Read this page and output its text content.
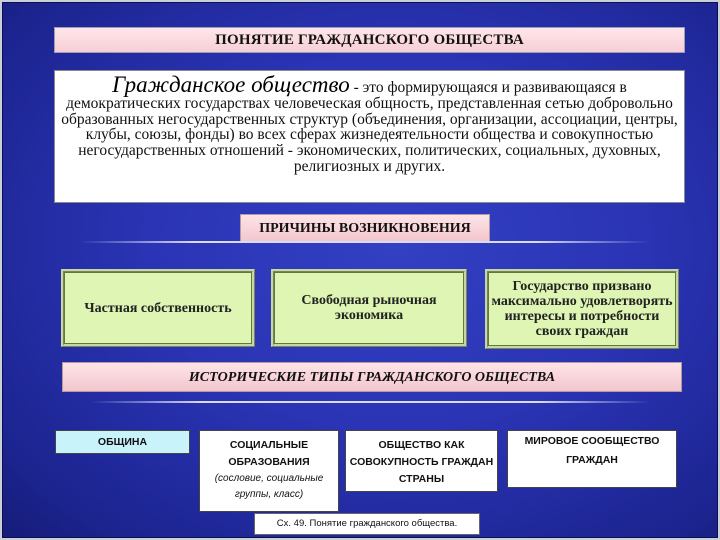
ПОНЯТИЕ ГРАЖДАНСКОГО ОБЩЕСТВА
Гражданское общество - это формирующаяся и развивающаяся в демократических государствах человеческая общность, представленная сетью добровольно образованных негосударственных структур (объединения, организации, ассоциации, центры, клубы, союзы, фонды) во всех сферах жизнедеятельности общества и совокупностью негосударственных отношений - экономических, политических, социальных, духовных, религиозных и других.
ПРИЧИНЫ ВОЗНИКНОВЕНИЯ
Частная собственность	Свободная рыночная экономика
Государство призвано максимально удовлетворять интересы и потребности своих граждан
ИСТОРИЧЕСКИЕ ТИПЫ ГРАЖДАНСКОГО ОБЩЕСТВА
ОБЩИНА	СОЦИАЛЬНЫЕ ОБРАЗОВАНИЯ
(сословие, социальные группы, класс)
ОБЩЕСТВО КАК СОВОКУПНОСТЬ ГРАЖДАН СТРАНЫ
МИРОВОЕ СООБЩЕСТВО ГРАЖДАН
Сх. 49. Понятие гражданского общества.
